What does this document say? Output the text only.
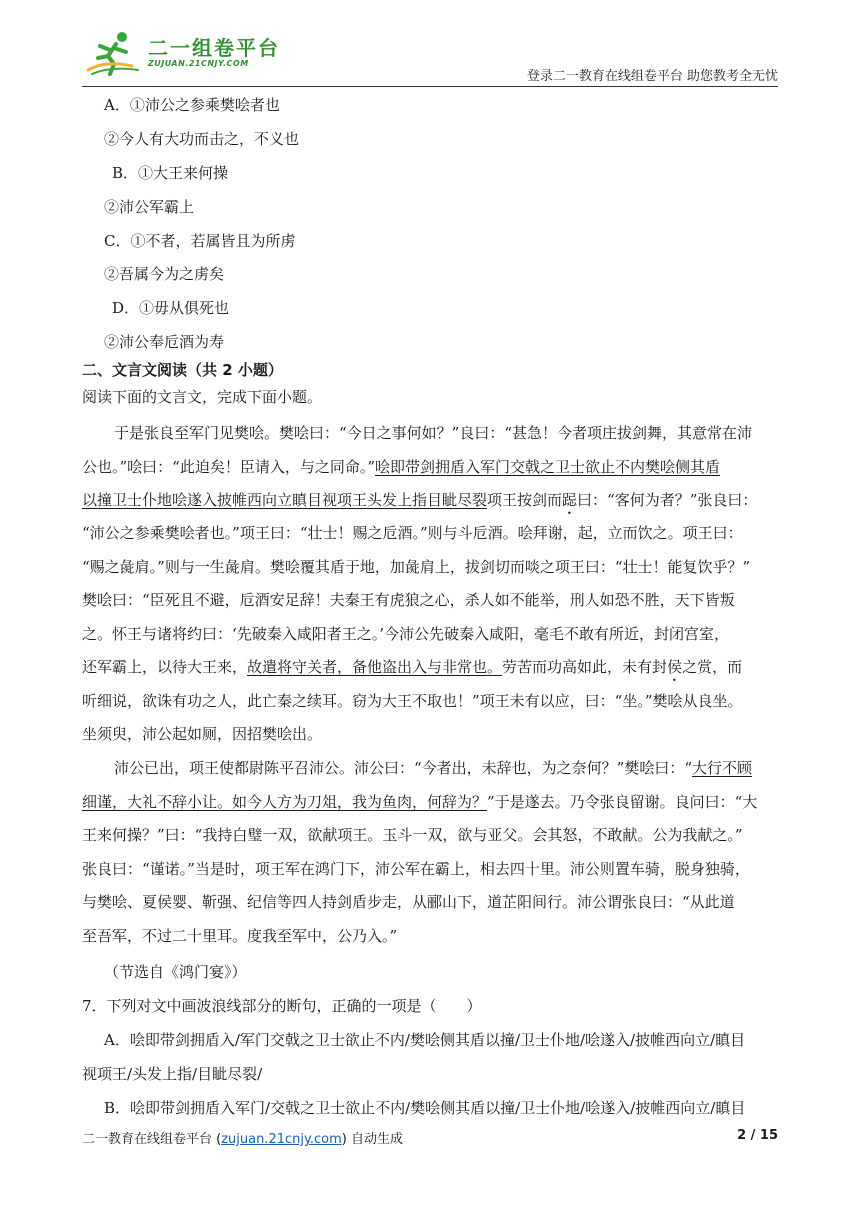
二一组卷平台
ZUJUAN.21CNJY.COM
登录二一教育在线组卷平台 助您教考全无忧
A．①沛公之参乘樊哙者也
②今人有大功而击之，不义也
B．①大王来何操
②沛公军霸上
C．①不者，若属皆且为所虏
②吾属今为之虏矣
D．①毋从俱死也
②沛公奉卮酒为寿
二、文言文阅读（共 2 小题）
阅读下面的文言文，完成下面小题。
于是张良至军门见樊哙。樊哙曰：“今日之事何如？”良曰：“甚急！今者项庄拔剑舞，其意常在沛
公也。”哙曰：“此迫矣！臣请入，与之同命。”哙即带剑拥盾入军门交戟之卫士欲止不内樊哙侧其盾
以撞卫士仆地哙遂入披帷西向立瞋目视项王头发上指目眦尽裂项王按剑而跽曰：“客何为者？”张良曰：
“沛公之参乘樊哙者也。”项王曰：“壮士！赐之卮酒。”则与斗卮酒。哙拜谢，起，立而饮之。项王曰：
“赐之彘肩。”则与一生彘肩。樊哙覆其盾于地，加彘肩上，拔剑切而啖之项王曰：“壮士！能复饮乎？”
樊哙曰：“臣死且不避，卮酒安足辞！夫秦王有虎狼之心，杀人如不能举，刑人如恐不胜，天下皆叛
之。怀王与诸将约曰：‘先破秦入咸阳者王之。’今沛公先破秦入咸阳，毫毛不敢有所近，封闭宫室，
还军霸上，以待大王来，故遣将守关者，备他盗出入与非常也。劳苦而功高如此，未有封侯之赏，而
听细说，欲诛有功之人，此亡秦之续耳。窃为大王不取也！”项王未有以应，曰：“坐。”樊哙从良坐。
坐须臾，沛公起如厕，因招樊哙出。
沛公已出，项王使都尉陈平召沛公。沛公曰：“今者出，未辞也，为之奈何？”樊哙曰：“大行不顾
细谨，大礼不辞小让。如今人方为刀俎，我为鱼肉，何辞为？”于是遂去。乃令张良留谢。良问曰：“大
王来何操？”曰：“我持白璧一双，欲献项王。玉斗一双，欲与亚父。会其怒，不敢献。公为我献之。”
张良曰：“谨诺。”当是时，项王军在鸿门下，沛公军在霸上，相去四十里。沛公则置车骑，脱身独骑，
与樊哙、夏侯婴、靳强、纪信等四人持剑盾步走，从郦山下，道芷阳间行。沛公谓张良曰：“从此道
至吾军，不过二十里耳。度我至军中，公乃入。”
（节选自《鸿门宴》）
7．下列对文中画波浪线部分的断句，正确的一项是（　　）
A．哙即带剑拥盾入/军门交戟之卫士欲止不内/樊哙侧其盾以撞/卫士仆地/哙遂入/披帷西向立/瞋目
视项王/头发上指/目眦尽裂/
B．哙即带剑拥盾入军门/交戟之卫士欲止不内/樊哙侧其盾以撞/卫士仆地/哙遂入/披帷西向立/瞋目
二一教育在线组卷平台 (zujuan.21cnjy.com) 自动生成	2 / 15
